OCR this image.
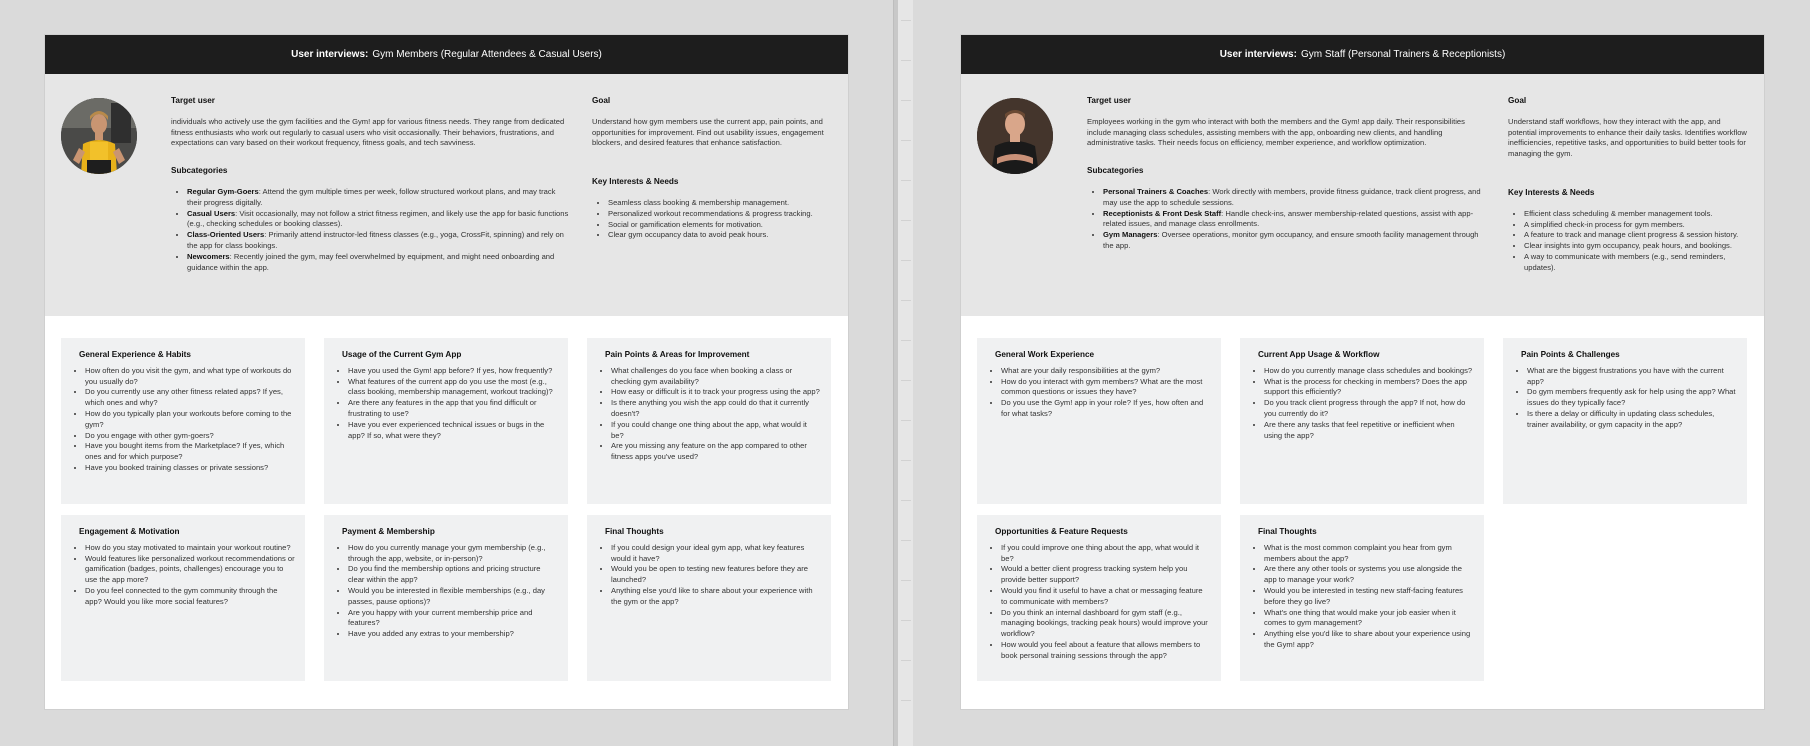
User interviews: Gym Members (Regular Attendees & Casual Users)
Target user

individuals who actively use the gym facilities and the Gym! app for various fitness needs. They range from dedicated fitness enthusiasts who work out regularly to casual users who visit occasionally. Their behaviors, frustrations, and expectations can vary based on their workout frequency, fitness goals, and tech savviness.

Subcategories
• Regular Gym-Goers: Attend the gym multiple times per week, follow structured workout plans, and may track their progress digitally.
• Casual Users: Visit occasionally, may not follow a strict fitness regimen, and likely use the app for basic functions (e.g., checking schedules or booking classes).
• Class-Oriented Users: Primarily attend instructor-led fitness classes (e.g., yoga, CrossFit, spinning) and rely on the app for class bookings.
• Newcomers: Recently joined the gym, may feel overwhelmed by equipment, and might need onboarding and guidance within the app.
Goal

Understand how gym members use the current app, pain points, and opportunities for improvement. Find out usability issues, engagement blockers, and desired features that enhance satisfaction.

Key Interests & Needs
• Seamless class booking & membership management.
• Personalized workout recommendations & progress tracking.
• Social or gamification elements for motivation.
• Clear gym occupancy data to avoid peak hours.
General Experience & Habits
• How often do you visit the gym, and what type of workouts do you usually do?
• Do you currently use any other fitness related apps? If yes, which ones and why?
• How do you typically plan your workouts before coming to the gym?
• Do you engage with other gym-goers?
• Have you bought items from the Marketplace? If yes, which ones and for which purpose?
• Have you booked training classes or private sessions?
Usage of the Current Gym App
• Have you used the Gym! app before? If yes, how frequently?
• What features of the current app do you use the most (e.g., class booking, membership management, workout tracking)?
• Are there any features in the app that you find difficult or frustrating to use?
• Have you ever experienced technical issues or bugs in the app? If so, what were they?
Pain Points & Areas for Improvement
• What challenges do you face when booking a class or checking gym availability?
• How easy or difficult is it to track your progress using the app?
• Is there anything you wish the app could do that it currently doesn't?
• If you could change one thing about the app, what would it be?
• Are you missing any feature on the app compared to other fitness apps you've used?
Engagement & Motivation
• How do you stay motivated to maintain your workout routine?
• Would features like personalized workout recommendations or gamification (badges, points, challenges) encourage you to use the app more?
• Do you feel connected to the gym community through the app? Would you like more social features?
Payment & Membership
• How do you currently manage your gym membership (e.g., through the app, website, or in-person)?
• Do you find the membership options and pricing structure clear within the app?
• Would you be interested in flexible memberships (e.g., day passes, pause options)?
• Are you happy with your current membership price and features?
• Have you added any extras to your membership?
Final Thoughts
• If you could design your ideal gym app, what key features would it have?
• Would you be open to testing new features before they are launched?
• Anything else you'd like to share about your experience with the gym or the app?
User interviews: Gym Staff (Personal Trainers & Receptionists)
Target user

Employees working in the gym who interact with both the members and the Gym! app daily. Their responsibilities include managing class schedules, assisting members with the app, onboarding new clients, and handling administrative tasks. Their needs focus on efficiency, member experience, and workflow optimization.

Subcategories
• Personal Trainers & Coaches: Work directly with members, provide fitness guidance, track client progress, and may use the app to schedule sessions.
• Receptionists & Front Desk Staff: Handle check-ins, answer membership-related questions, assist with app-related issues, and manage class enrollments.
• Gym Managers: Oversee operations, monitor gym occupancy, and ensure smooth facility management through the app.
Goal

Understand staff workflows, how they interact with the app, and potential improvements to enhance their daily tasks. Identifies workflow inefficiencies, repetitive tasks, and opportunities to build better tools for managing the gym.

Key Interests & Needs
• Efficient class scheduling & member management tools.
• A simplified check-in process for gym members.
• A feature to track and manage client progress & session history.
• Clear insights into gym occupancy, peak hours, and bookings.
• A way to communicate with members (e.g., send reminders, updates).
General Work Experience
• What are your daily responsibilities at the gym?
• How do you interact with gym members? What are the most common questions or issues they have?
• Do you use the Gym! app in your role? If yes, how often and for what tasks?
Current App Usage & Workflow
• How do you currently manage class schedules and bookings?
• What is the process for checking in members? Does the app support this efficiently?
• Do you track client progress through the app? If not, how do you currently do it?
• Are there any tasks that feel repetitive or inefficient when using the app?
Pain Points & Challenges
• What are the biggest frustrations you have with the current app?
• Do gym members frequently ask for help using the app? What issues do they typically face?
• Is there a delay or difficulty in updating class schedules, trainer availability, or gym capacity in the app?
Opportunities & Feature Requests
• If you could improve one thing about the app, what would it be?
• Would a better client progress tracking system help you provide better support?
• Would you find it useful to have a chat or messaging feature to communicate with members?
• Do you think an internal dashboard for gym staff (e.g., managing bookings, tracking peak hours) would improve your workflow?
• How would you feel about a feature that allows members to book personal training sessions through the app?
Final Thoughts
• What is the most common complaint you hear from gym members about the app?
• Are there any other tools or systems you use alongside the app to manage your work?
• Would you be interested in testing new staff-facing features before they go live?
• What's one thing that would make your job easier when it comes to gym management?
• Anything else you'd like to share about your experience using the Gym! app?
